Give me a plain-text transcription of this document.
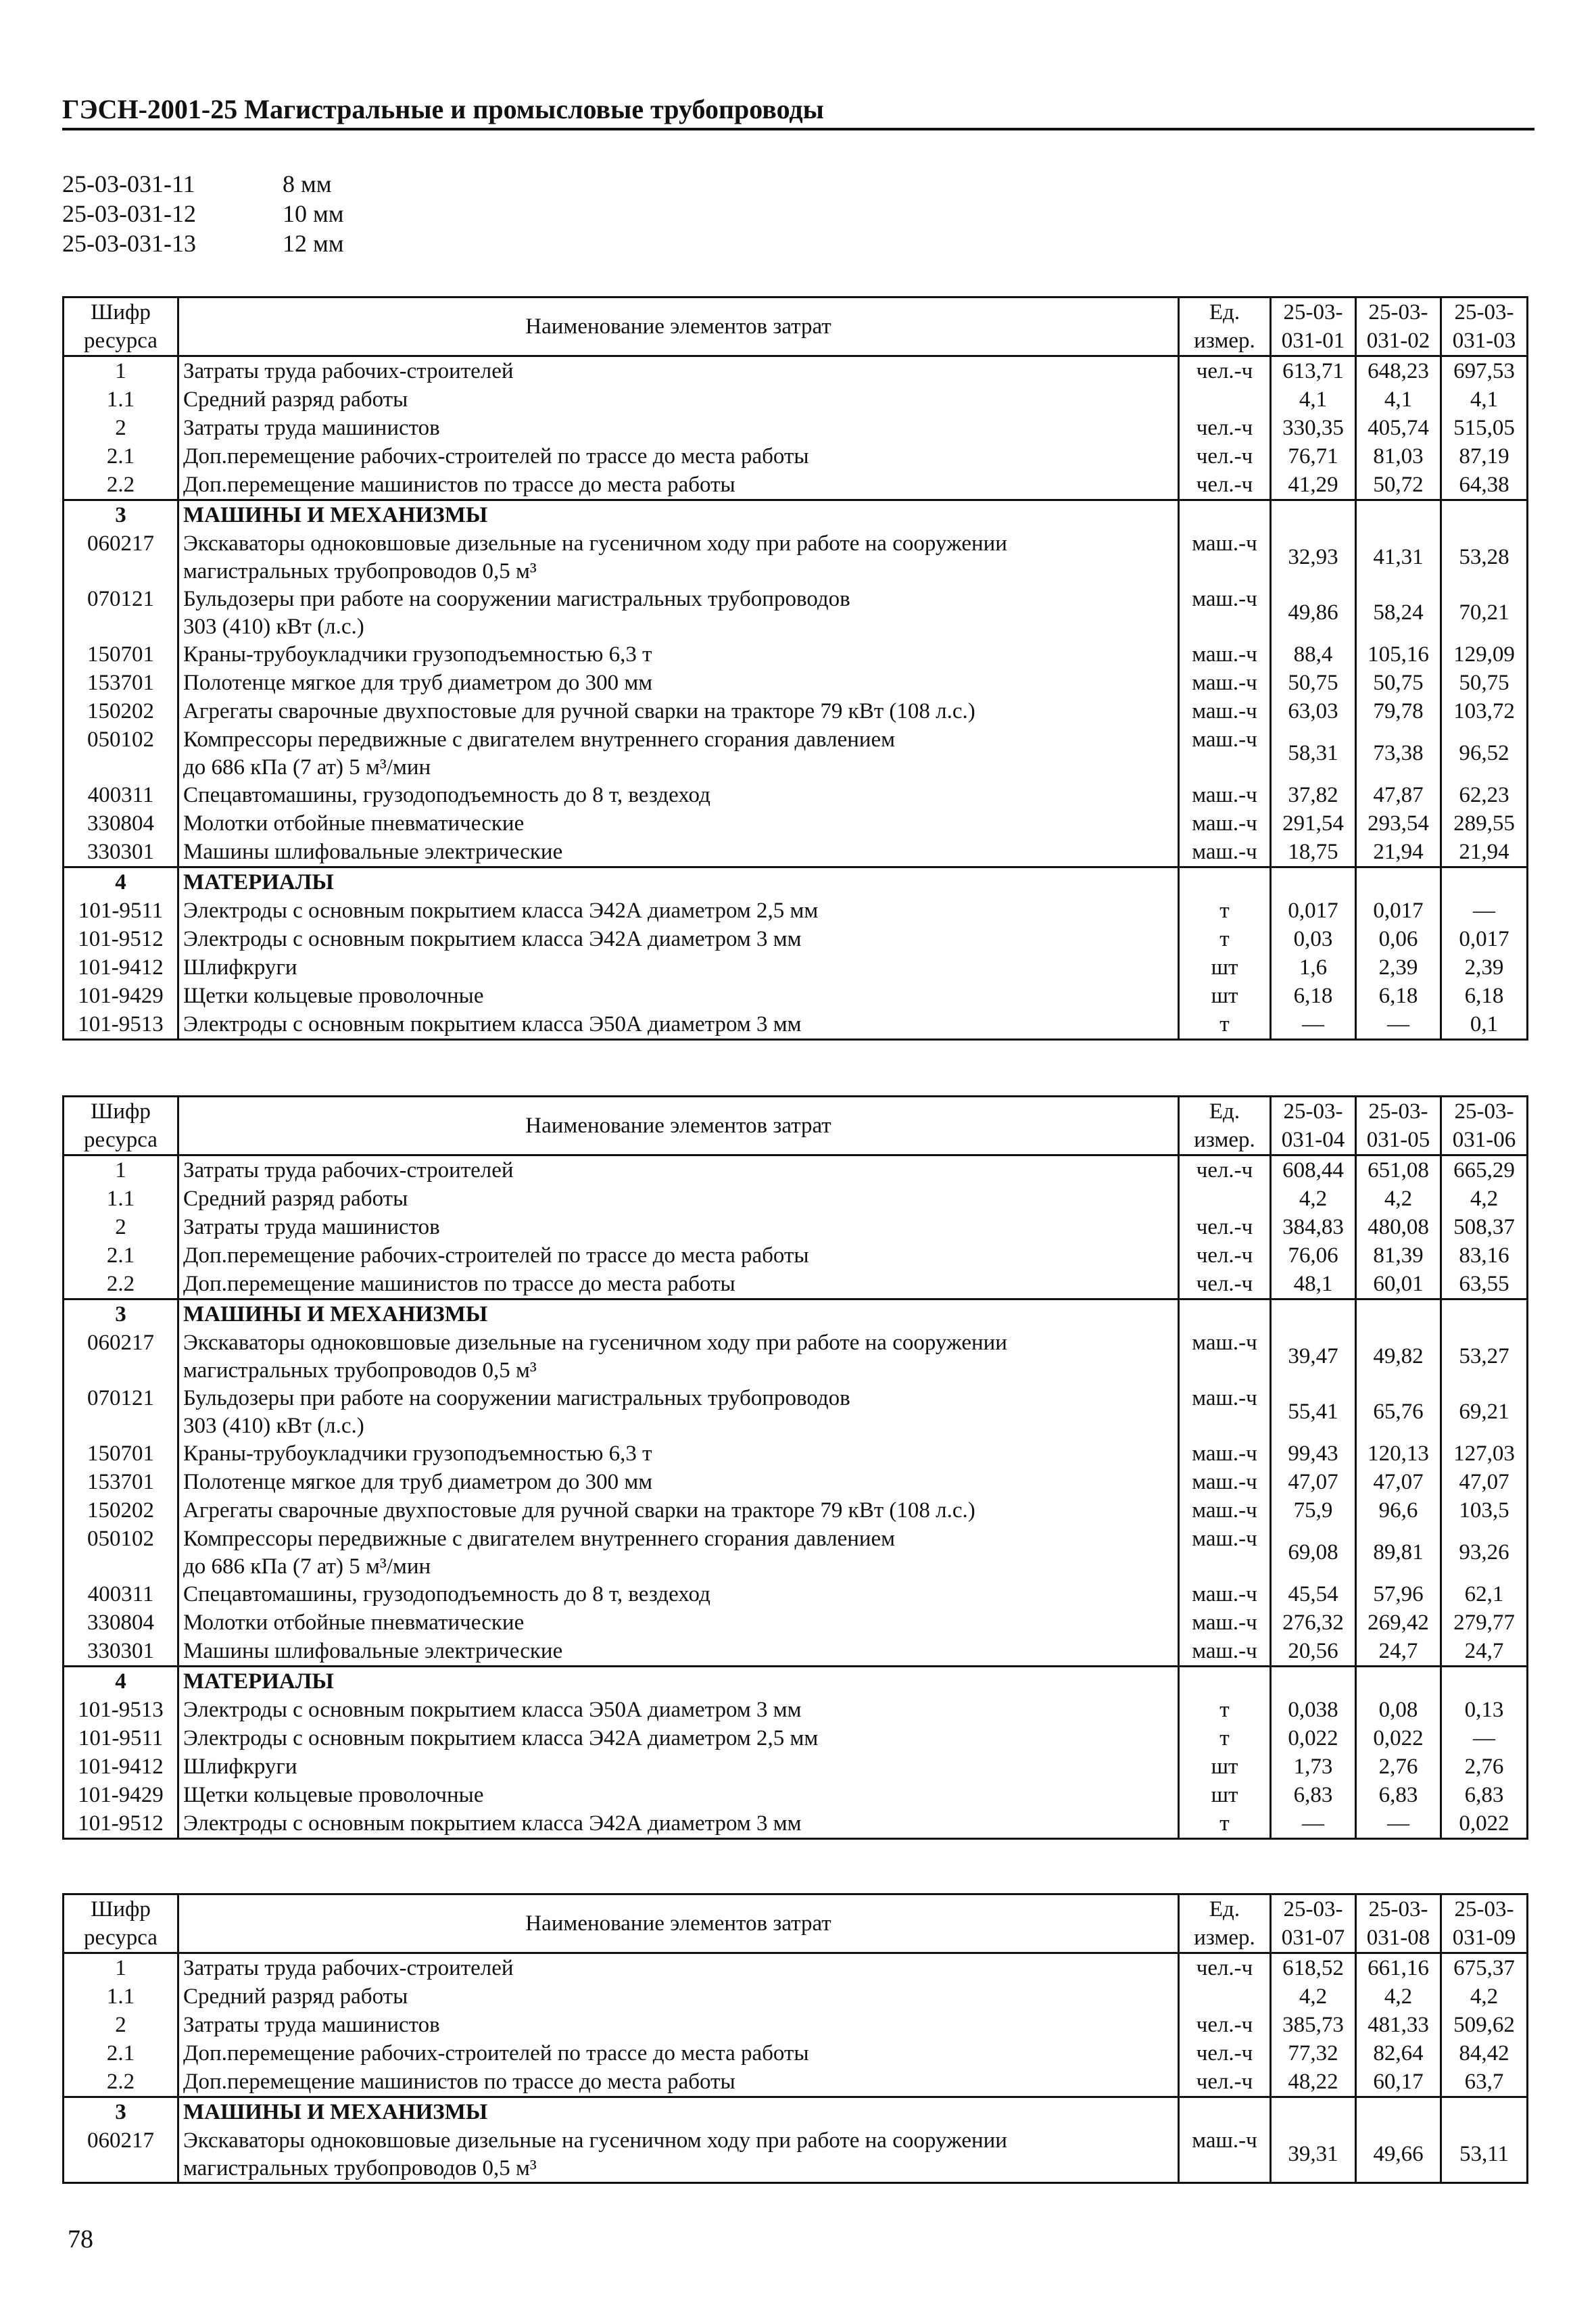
ГЭСН-2001-25 Магистральные и промысловые трубопроводы
25-03-031-11	8 мм
25-03-031-12	10 мм
25-03-031-13	12 мм
Шифр
ресурса	Наименование элементов затрат	Ед.	25-03-	25-03-	25-03-
		измер.	031-01	031-02	031-03
1	Затраты труда рабочих-строителей	чел.-ч	613,71	648,23	697,53
1.1	Средний разряд работы		4,1	4,1	4,1
2	Затраты труда машинистов	чел.-ч	330,35	405,74	515,05
2.1	Доп.перемещение рабочих-строителей по трассе до места работы	чел.-ч	76,71	81,03	87,19
2.2	Доп.перемещение машинистов по трассе до места работы	чел.-ч	41,29	50,72	64,38
3	МАШИНЫ И МЕХАНИЗМЫ				
060217	Экскаваторы одноковшовые дизельные на гусеничном ходу при работе на сооружении	маш.-ч	32,93	41,31	53,28
	магистральных трубопроводов 0,5 м³				
070121	Бульдозеры при работе на сооружении магистральных трубопроводов	маш.-ч	49,86	58,24	70,21
	303 (410) кВт (л.с.)				
150701	Краны-трубоукладчики грузоподъемностью 6,3 т	маш.-ч	88,4	105,16	129,09
153701	Полотенце мягкое для труб диаметром до 300 мм	маш.-ч	50,75	50,75	50,75
150202	Агрегаты сварочные двухпостовые для ручной сварки на тракторе 79 кВт (108 л.с.)	маш.-ч	63,03	79,78	103,72
050102	Компрессоры передвижные с двигателем внутреннего сгорания давлением	маш.-ч	58,31	73,38	96,52
	до 686 кПа (7 ат) 5 м³/мин				
400311	Спецавтомашины, грузодоподъемность до 8 т, вездеход	маш.-ч	37,82	47,87	62,23
330804	Молотки отбойные пневматические	маш.-ч	291,54	293,54	289,55
330301	Машины шлифовальные электрические	маш.-ч	18,75	21,94	21,94
4	МАТЕРИАЛЫ				
101-9511	Электроды с основным покрытием класса Э42А диаметром 2,5 мм	т	0,017	0,017	—
101-9512	Электроды с основным покрытием класса Э42А диаметром 3 мм	т	0,03	0,06	0,017
101-9412	Шлифкруги	шт	1,6	2,39	2,39
101-9429	Щетки кольцевые проволочные	шт	6,18	6,18	6,18
101-9513	Электроды с основным покрытием класса Э50А диаметром 3 мм	т	—	—	0,1
Шифр
ресурса	Наименование элементов затрат	Ед.	25-03-	25-03-	25-03-
		измер.	031-04	031-05	031-06
1	Затраты труда рабочих-строителей	чел.-ч	608,44	651,08	665,29
1.1	Средний разряд работы		4,2	4,2	4,2
2	Затраты труда машинистов	чел.-ч	384,83	480,08	508,37
2.1	Доп.перемещение рабочих-строителей по трассе до места работы	чел.-ч	76,06	81,39	83,16
2.2	Доп.перемещение машинистов по трассе до места работы	чел.-ч	48,1	60,01	63,55
3	МАШИНЫ И МЕХАНИЗМЫ				
060217	Экскаваторы одноковшовые дизельные на гусеничном ходу при работе на сооружении	маш.-ч	39,47	49,82	53,27
	магистральных трубопроводов 0,5 м³				
070121	Бульдозеры при работе на сооружении магистральных трубопроводов	маш.-ч	55,41	65,76	69,21
	303 (410) кВт (л.с.)				
150701	Краны-трубоукладчики грузоподъемностью 6,3 т	маш.-ч	99,43	120,13	127,03
153701	Полотенце мягкое для труб диаметром до 300 мм	маш.-ч	47,07	47,07	47,07
150202	Агрегаты сварочные двухпостовые для ручной сварки на тракторе 79 кВт (108 л.с.)	маш.-ч	75,9	96,6	103,5
050102	Компрессоры передвижные с двигателем внутреннего сгорания давлением	маш.-ч	69,08	89,81	93,26
	до 686 кПа (7 ат) 5 м³/мин				
400311	Спецавтомашины, грузодоподъемность до 8 т, вездеход	маш.-ч	45,54	57,96	62,1
330804	Молотки отбойные пневматические	маш.-ч	276,32	269,42	279,77
330301	Машины шлифовальные электрические	маш.-ч	20,56	24,7	24,7
4	МАТЕРИАЛЫ				
101-9513	Электроды с основным покрытием класса Э50А диаметром 3 мм	т	0,038	0,08	0,13
101-9511	Электроды с основным покрытием класса Э42А диаметром 2,5 мм	т	0,022	0,022	—
101-9412	Шлифкруги	шт	1,73	2,76	2,76
101-9429	Щетки кольцевые проволочные	шт	6,83	6,83	6,83
101-9512	Электроды с основным покрытием класса Э42А диаметром 3 мм	т	—	—	0,022
Шифр
ресурса	Наименование элементов затрат	Ед.	25-03-	25-03-	25-03-
		измер.	031-07	031-08	031-09
1	Затраты труда рабочих-строителей	чел.-ч	618,52	661,16	675,37
1.1	Средний разряд работы		4,2	4,2	4,2
2	Затраты труда машинистов	чел.-ч	385,73	481,33	509,62
2.1	Доп.перемещение рабочих-строителей по трассе до места работы	чел.-ч	77,32	82,64	84,42
2.2	Доп.перемещение машинистов по трассе до места работы	чел.-ч	48,22	60,17	63,7
3	МАШИНЫ И МЕХАНИЗМЫ				
060217	Экскаваторы одноковшовые дизельные на гусеничном ходу при работе на сооружении	маш.-ч	39,31	49,66	53,11
	магистральных трубопроводов 0,5 м³				
78
